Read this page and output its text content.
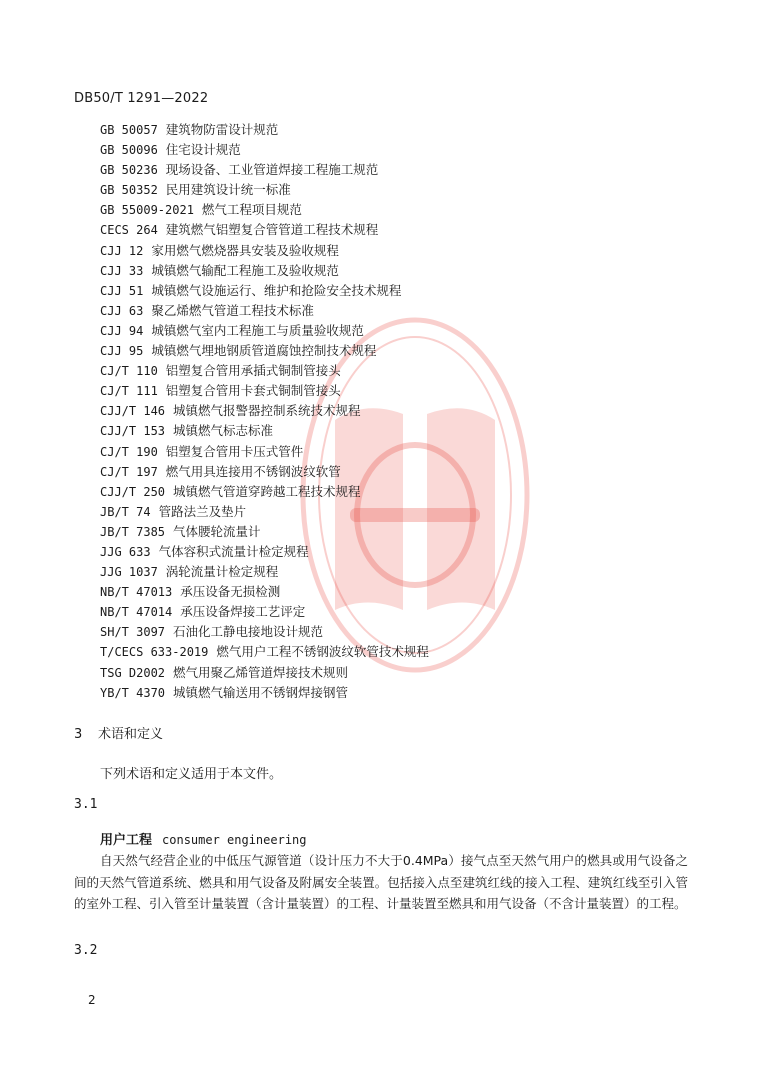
DB50/T 1291—2022
GB 50057 建筑物防雷设计规范
GB 50096 住宅设计规范
GB 50236 现场设备、工业管道焊接工程施工规范
GB 50352 民用建筑设计统一标准
GB 55009-2021 燃气工程项目规范
CECS 264 建筑燃气铝塑复合管管道工程技术规程
CJJ 12 家用燃气燃烧器具安装及验收规程
CJJ 33 城镇燃气输配工程施工及验收规范
CJJ 51 城镇燃气设施运行、维护和抢险安全技术规程
CJJ 63 聚乙烯燃气管道工程技术标准
CJJ 94 城镇燃气室内工程施工与质量验收规范
CJJ 95 城镇燃气埋地钢质管道腐蚀控制技术规程
CJ/T 110 铝塑复合管用承插式铜制管接头
CJ/T 111 铝塑复合管用卡套式铜制管接头
CJJ/T 146 城镇燃气报警器控制系统技术规程
CJJ/T 153 城镇燃气标志标准
CJ/T 190 铝塑复合管用卡压式管件
CJ/T 197 燃气用具连接用不锈钢波纹软管
CJJ/T 250 城镇燃气管道穿跨越工程技术规程
JB/T 74 管路法兰及垫片
JB/T 7385 气体腰轮流量计
JJG 633 气体容积式流量计检定规程
JJG 1037 涡轮流量计检定规程
NB/T 47013 承压设备无损检测
NB/T 47014 承压设备焊接工艺评定
SH/T 3097 石油化工静电接地设计规范
T/CECS 633-2019 燃气用户工程不锈钢波纹软管技术规程
TSG D2002 燃气用聚乙烯管道焊接技术规则
YB/T 4370 城镇燃气输送用不锈钢焊接钢管
3 术语和定义
下列术语和定义适用于本文件。
3.1
用户工程 consumer engineering
自天然气经营企业的中低压气源管道（设计压力不大于0.4MPa）接气点至天然气用户的燃具或用气设备之间的天然气管道系统、燃具和用气设备及附属安全装置。包括接入点至建筑红线的接入工程、建筑红线至引入管的室外工程、引入管至计量装置（含计量装置）的工程、计量装置至燃具和用气设备（不含计量装置）的工程。
3.2
2
